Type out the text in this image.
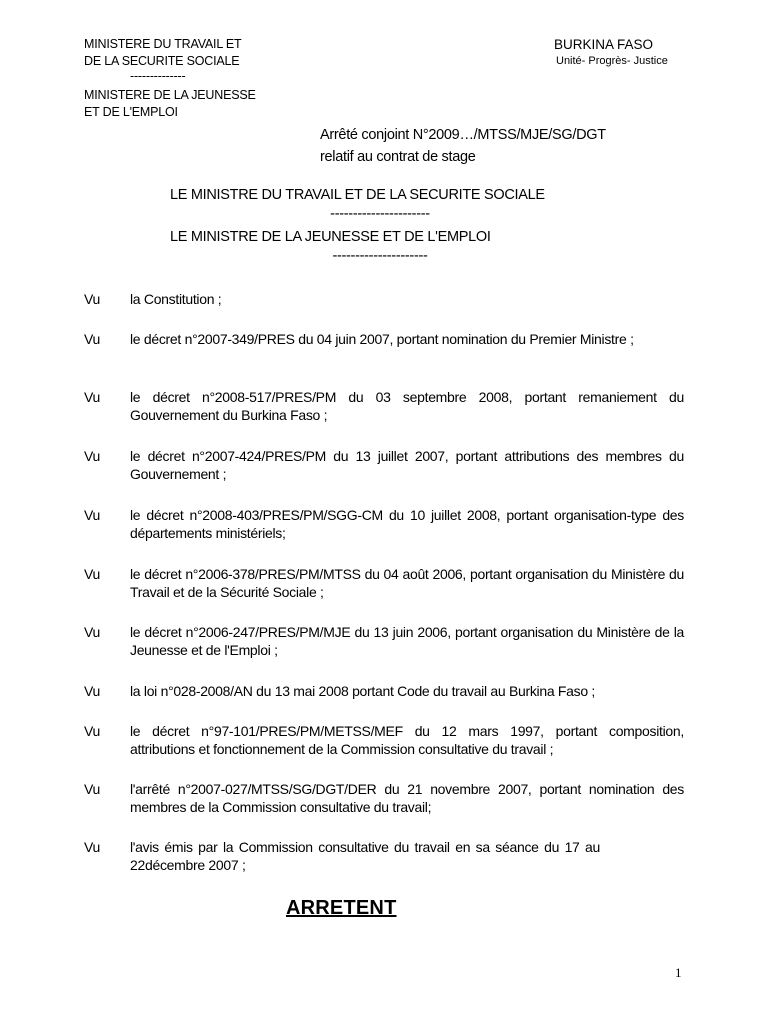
MINISTERE DU TRAVAIL ET
DE LA SECURITE SOCIALE
--------------
MINISTERE DE LA JEUNESSE
ET DE L'EMPLOI
BURKINA FASO
Unité- Progrès- Justice
Arrêté conjoint N°2009…/MTSS/MJE/SG/DGT
relatif au contrat de stage
LE MINISTRE DU TRAVAIL ET DE LA SECURITE SOCIALE
----------------------
LE MINISTRE DE LA JEUNESSE ET DE L'EMPLOI
---------------------
Vu la Constitution ;
Vu le décret n°2007-349/PRES du 04 juin 2007, portant nomination du Premier Ministre ;
Vu le décret n°2008-517/PRES/PM du 03 septembre 2008, portant remaniement du Gouvernement du Burkina Faso ;
Vu le décret n°2007-424/PRES/PM du 13 juillet 2007, portant attributions des membres du Gouvernement ;
Vu le décret n°2008-403/PRES/PM/SGG-CM du 10 juillet 2008, portant organisation-type des départements ministériels;
Vu le décret n°2006-378/PRES/PM/MTSS du 04 août 2006, portant organisation du Ministère du Travail et de la Sécurité Sociale ;
Vu le décret n°2006-247/PRES/PM/MJE du 13 juin 2006, portant organisation du Ministère de la Jeunesse et de l'Emploi ;
Vu la loi n°028-2008/AN du 13 mai 2008 portant Code du travail au Burkina Faso ;
Vu le décret n°97-101/PRES/PM/METSS/MEF du 12 mars 1997, portant composition, attributions et fonctionnement de la Commission consultative du travail ;
Vu l'arrêté n°2007-027/MTSS/SG/DGT/DER du 21 novembre 2007, portant nomination des membres de la Commission consultative du travail;
Vu l'avis émis par la Commission consultative du travail en sa séance du 17 au 22décembre 2007 ;
ARRETENT
1
